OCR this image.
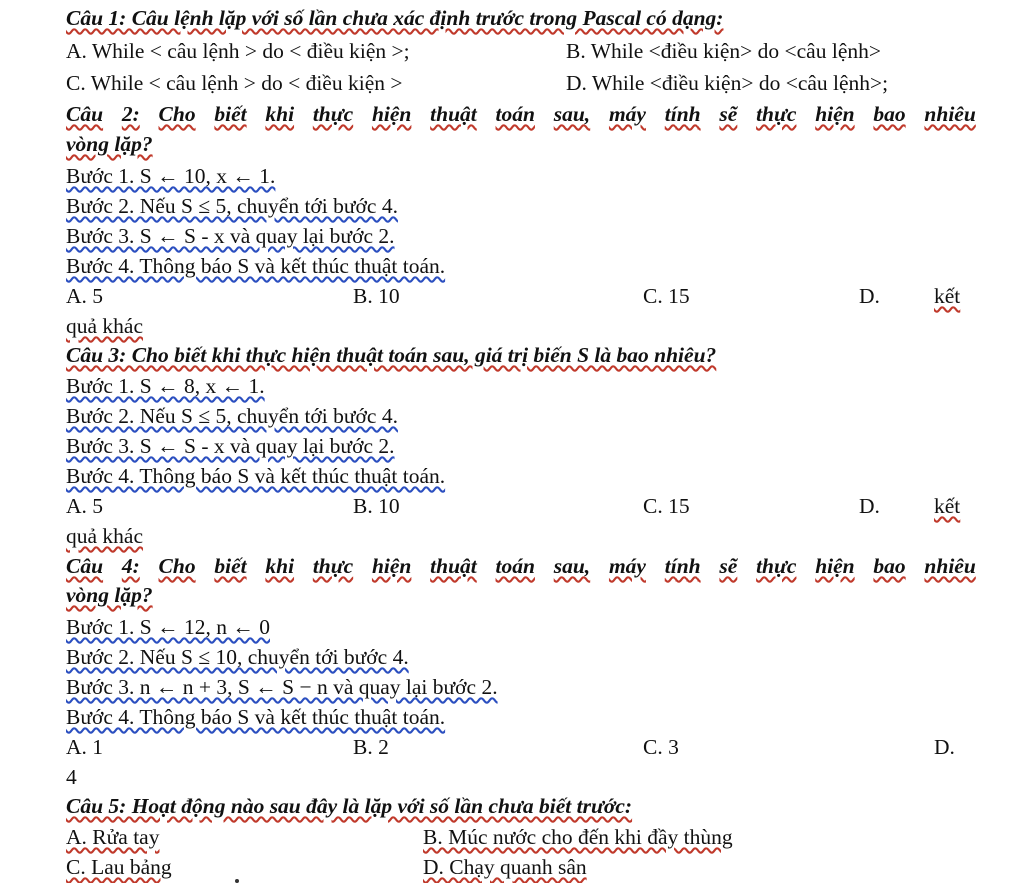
Câu 1: Câu lệnh lặp với số lần chưa xác định trước trong Pascal có dạng:
A. While < câu lệnh > do < điều kiện >;	B. While <điều kiện> do <câu lệnh>
C. While < câu lệnh > do < điều kiện >	D. While <điều kiện> do <câu lệnh>;
Câu 2: Cho biết khi thực hiện thuật toán sau, máy tính sẽ thực hiện bao nhiêu
vòng lặp?
Bước 1. S ← 10, x ← 1.
Bước 2. Nếu S ≤ 5, chuyển tới bước 4.
Bước 3. S ← S - x và quay lại bước 2.
Bước 4. Thông báo S và kết thúc thuật toán.
A. 5	B. 10	C. 15	D.	kết
quả khác
Câu 3: Cho biết khi thực hiện thuật toán sau, giá trị biến S là bao nhiêu?
Bước 1. S ← 8, x ← 1.
Bước 2. Nếu S ≤ 5, chuyển tới bước 4.
Bước 3. S ← S - x và quay lại bước 2.
Bước 4. Thông báo S và kết thúc thuật toán.
A. 5	B. 10	C. 15	D.	kết
quả khác
Câu 4: Cho biết khi thực hiện thuật toán sau, máy tính sẽ thực hiện bao nhiêu
vòng lặp?
Bước 1. S ← 12, n ← 0
Bước 2. Nếu S ≤ 10, chuyển tới bước 4.
Bước 3. n ← n + 3, S ← S − n và quay lại bước 2.
Bước 4. Thông báo S và kết thúc thuật toán.
A. 1	B. 2	C. 3	D.
4
Câu 5: Hoạt động nào sau đây là lặp với số lần chưa biết trước:
A. Rửa tay	B. Múc nước cho đến khi đầy thùng
C. Lau bảng	D. Chạy quanh sân
